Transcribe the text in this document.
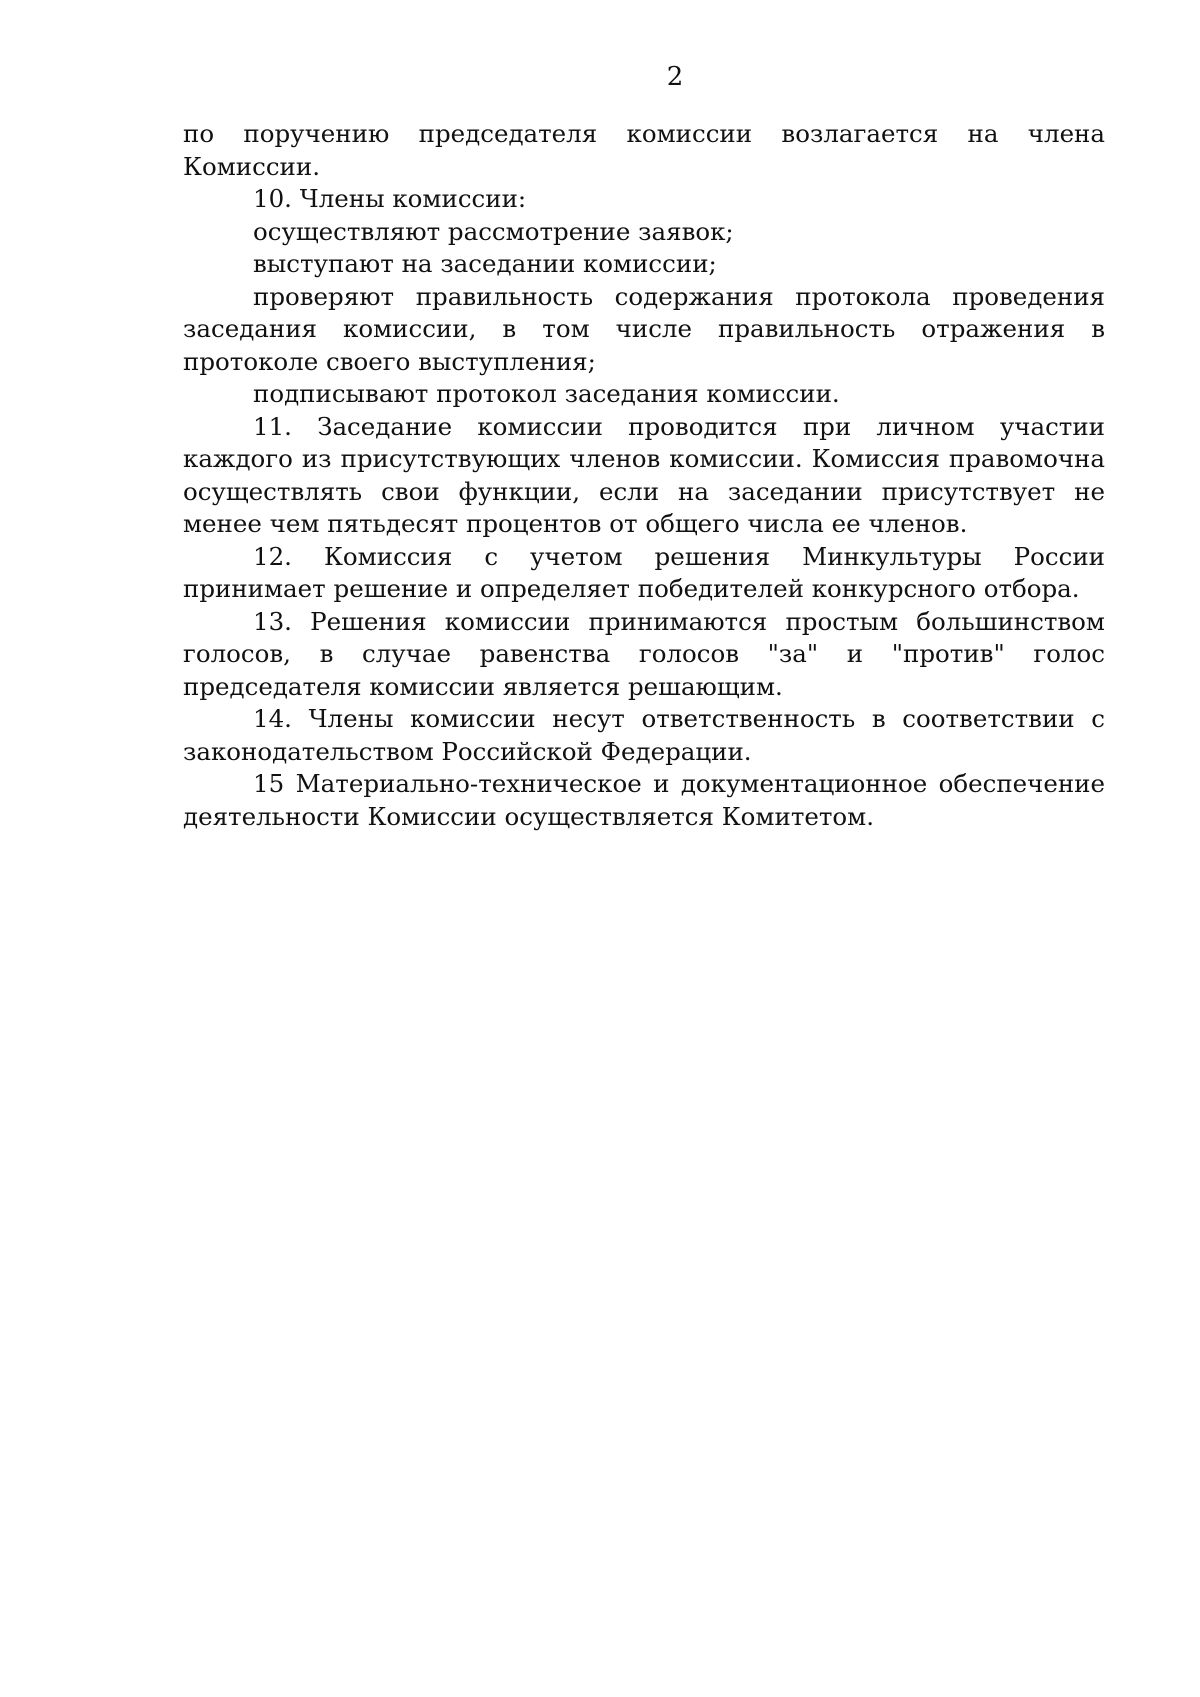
2

по поручению председателя комиссии возлагается на члена Комиссии.

10. Члены комиссии:

осуществляют рассмотрение заявок;

выступают на заседании комиссии;

проверяют правильность содержания протокола проведения заседания комиссии, в том числе правильность отражения в протоколе своего выступления;

подписывают протокол заседания комиссии.

11. Заседание комиссии проводится при личном участии каждого из присутствующих членов комиссии. Комиссия правомочна осуществлять свои функции, если на заседании присутствует не менее чем пятьдесят процентов от общего числа ее членов.

12. Комиссия с учетом решения Минкультуры России принимает решение и определяет победителей конкурсного отбора.

13. Решения комиссии принимаются простым большинством голосов, в случае равенства голосов "за" и "против" голос председателя комиссии является решающим.

14. Члены комиссии несут ответственность в соответствии с законодательством Российской Федерации.

15 Материально-техническое и документационное обеспечение деятельности Комиссии осуществляется Комитетом.
